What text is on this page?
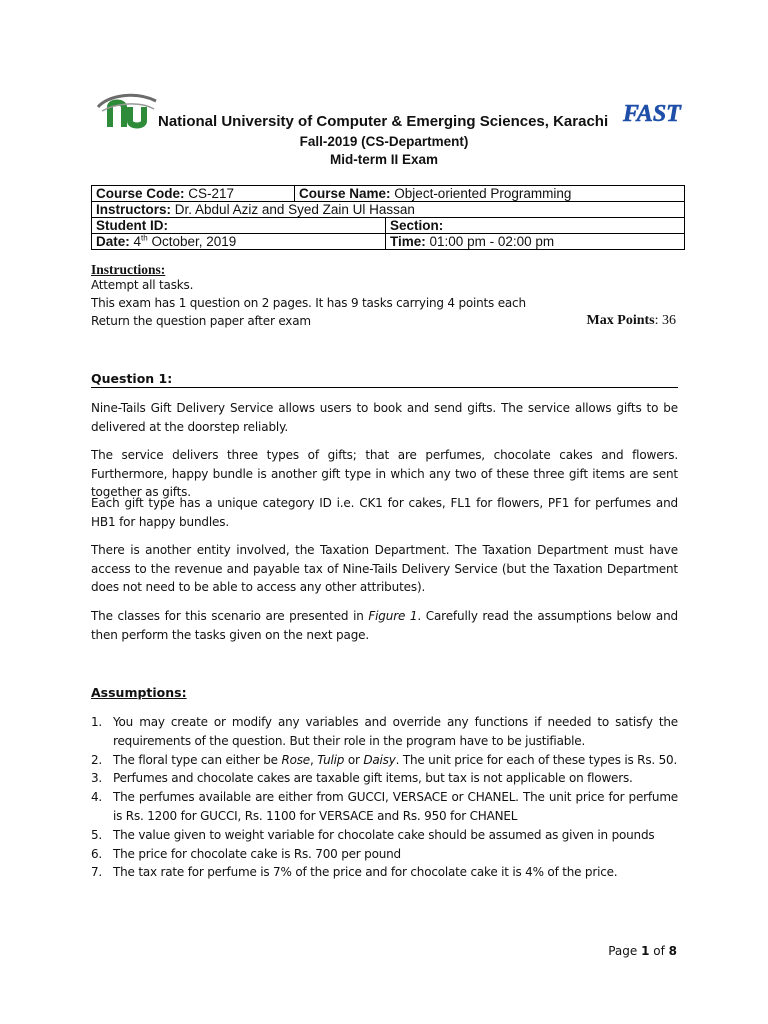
National University of Computer & Emerging Sciences, Karachi FAST
Fall-2019 (CS-Department)
Mid-term II Exam
Course Code: CS-217	Course Name: Object-oriented Programming	
Instructors: Dr. Abdul Aziz and Syed Zain Ul Hassan		
Student ID:		Section:
Date: 4th October, 2019		Time: 01:00 pm - 02:00 pm
Instructions:
Attempt all tasks.
This exam has 1 question on 2 pages. It has 9 tasks carrying 4 points each
Return the question paper after exam	Max Points: 36
Question 1:
Nine-Tails Gift Delivery Service allows users to book and send gifts. The service allows gifts to be delivered at the doorstep reliably.
The service delivers three types of gifts; that are perfumes, chocolate cakes and flowers. Furthermore, happy bundle is another gift type in which any two of these three gift items are sent together as gifts.
Each gift type has a unique category ID i.e. CK1 for cakes, FL1 for flowers, PF1 for perfumes and HB1 for happy bundles.
There is another entity involved, the Taxation Department. The Taxation Department must have access to the revenue and payable tax of Nine-Tails Delivery Service (but the Taxation Department does not need to be able to access any other attributes).
The classes for this scenario are presented in Figure 1. Carefully read the assumptions below and then perform the tasks given on the next page.
Assumptions:
1. You may create or modify any variables and override any functions if needed to satisfy the requirements of the question. But their role in the program have to be justifiable.
2. The floral type can either be Rose, Tulip or Daisy. The unit price for each of these types is Rs. 50.
3. Perfumes and chocolate cakes are taxable gift items, but tax is not applicable on flowers.
4. The perfumes available are either from GUCCI, VERSACE or CHANEL. The unit price for perfume is Rs. 1200 for GUCCI, Rs. 1100 for VERSACE and Rs. 950 for CHANEL
5. The value given to weight variable for chocolate cake should be assumed as given in pounds
6. The price for chocolate cake is Rs. 700 per pound
7. The tax rate for perfume is 7% of the price and for chocolate cake it is 4% of the price.
Page 1 of 8
